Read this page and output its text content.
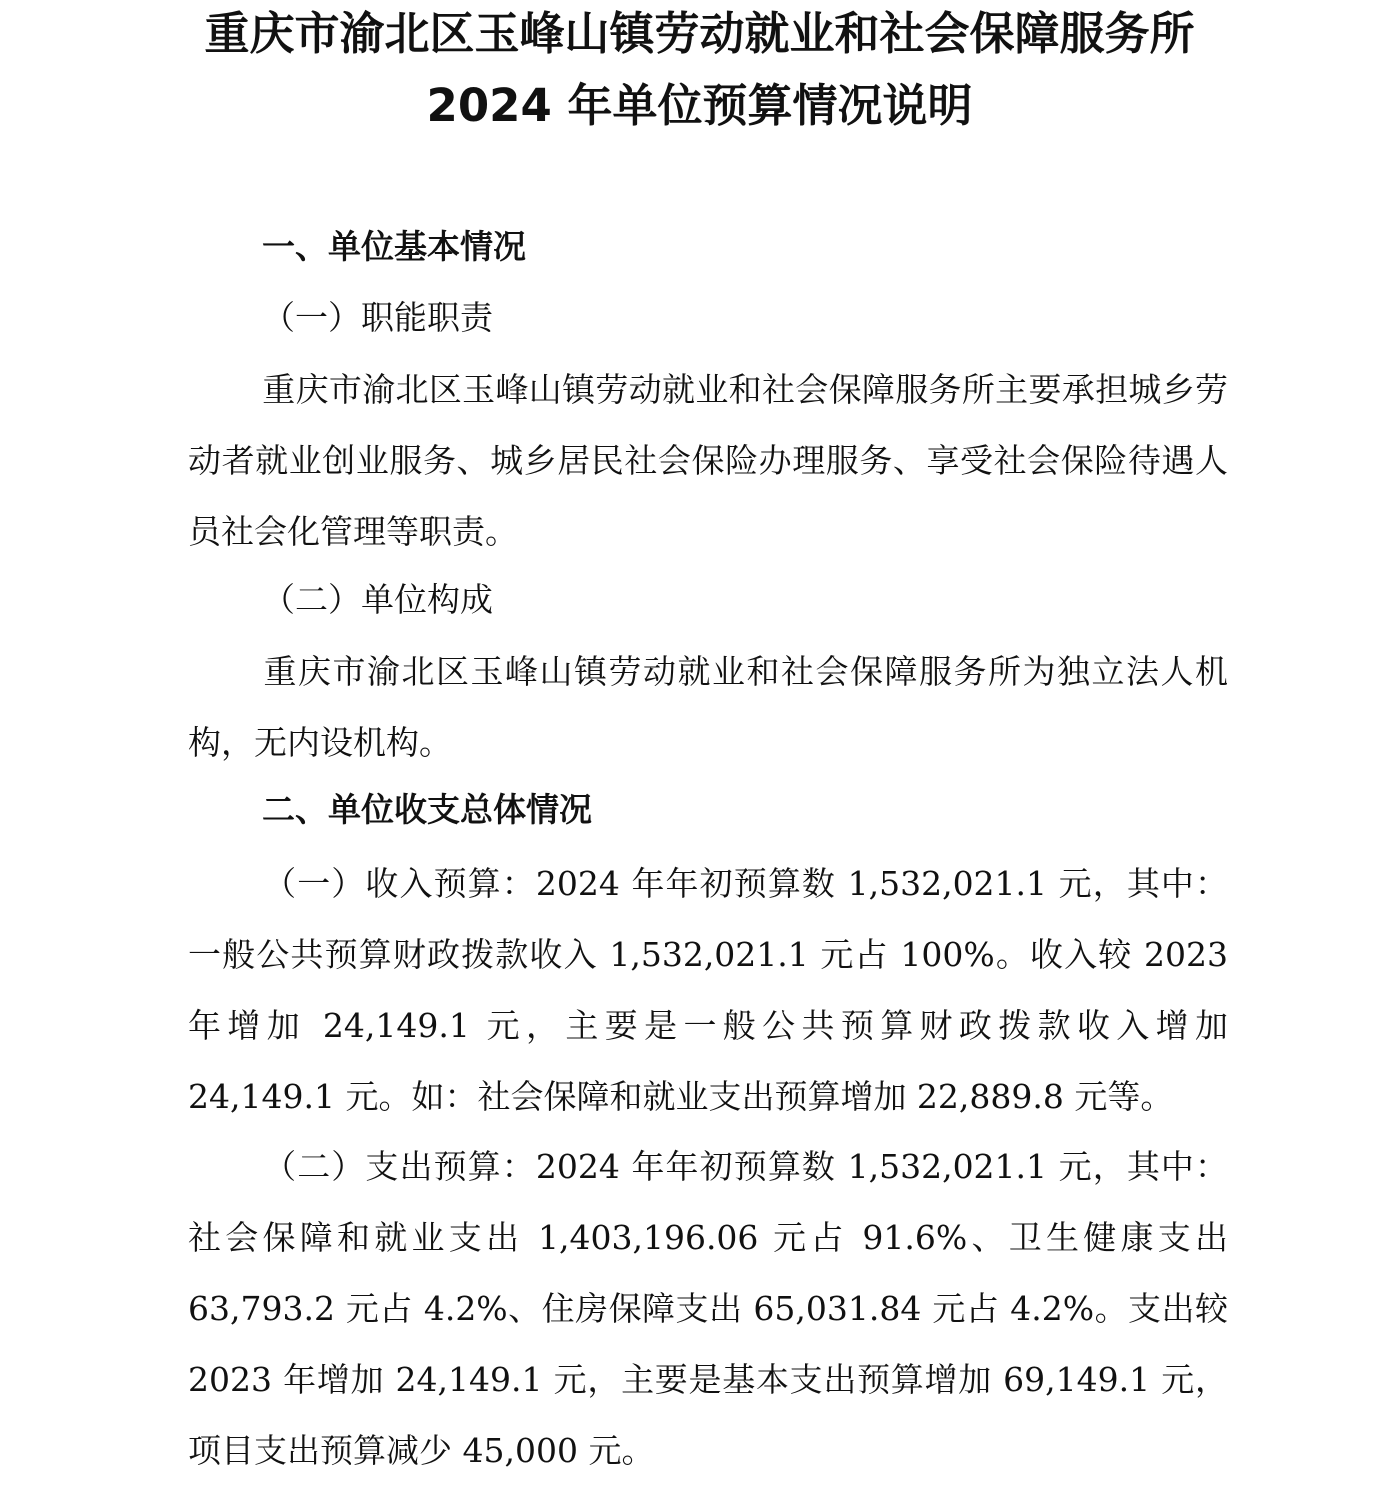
重庆市渝北区玉峰山镇劳动就业和社会保障服务所
2024 年单位预算情况说明
一、单位基本情况
（一）职能职责
重庆市渝北区玉峰山镇劳动就业和社会保障服务所主要承担城乡劳动者就业创业服务、城乡居民社会保险办理服务、享受社会保险待遇人员社会化管理等职责。
（二）单位构成
重庆市渝北区玉峰山镇劳动就业和社会保障服务所为独立法人机构，无内设机构。
二、单位收支总体情况
（一）收入预算：2024 年年初预算数 1,532,021.1 元，其中：一般公共预算财政拨款收入 1,532,021.1 元占 100%。收入较 2023 年增加 24,149.1 元，主要是一般公共预算财政拨款收入增加 24,149.1 元。如：社会保障和就业支出预算增加 22,889.8 元等。
（二）支出预算：2024 年年初预算数 1,532,021.1 元，其中：社会保障和就业支出 1,403,196.06 元占 91.6%、卫生健康支出 63,793.2 元占 4.2%、住房保障支出 65,031.84 元占 4.2%。支出较 2023 年增加 24,149.1 元，主要是基本支出预算增加 69,149.1 元，项目支出预算减少 45,000 元。
